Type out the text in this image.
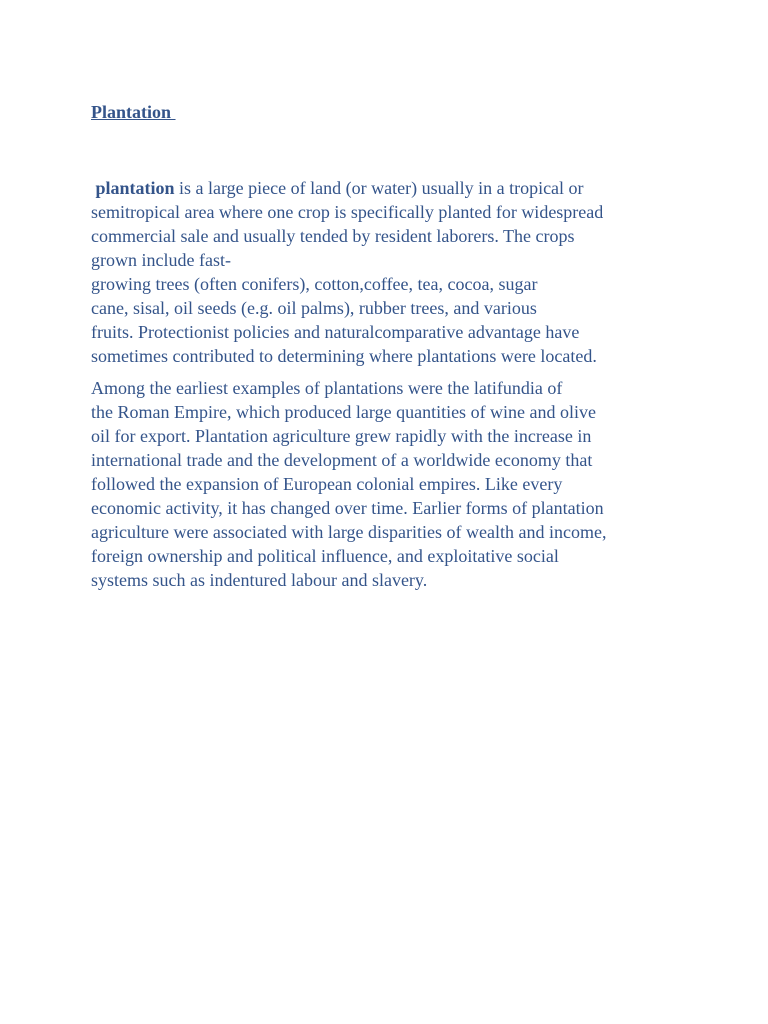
Plantation
plantation is a large piece of land (or water) usually in a tropical or
semitropical area where one crop is specifically planted for widespread
commercial sale and usually tended by resident laborers. The crops
grown include fast-
growing trees (often conifers), cotton,coffee, tea, cocoa, sugar
cane, sisal, oil seeds (e.g. oil palms), rubber trees, and various
fruits. Protectionist policies and naturalcomparative advantage have
sometimes contributed to determining where plantations were located.
Among the earliest examples of plantations were the latifundia of
the Roman Empire, which produced large quantities of wine and olive
oil for export. Plantation agriculture grew rapidly with the increase in
international trade and the development of a worldwide economy that
followed the expansion of European colonial empires. Like every
economic activity, it has changed over time. Earlier forms of plantation
agriculture were associated with large disparities of wealth and income,
foreign ownership and political influence, and exploitative social
systems such as indentured labour and slavery.
